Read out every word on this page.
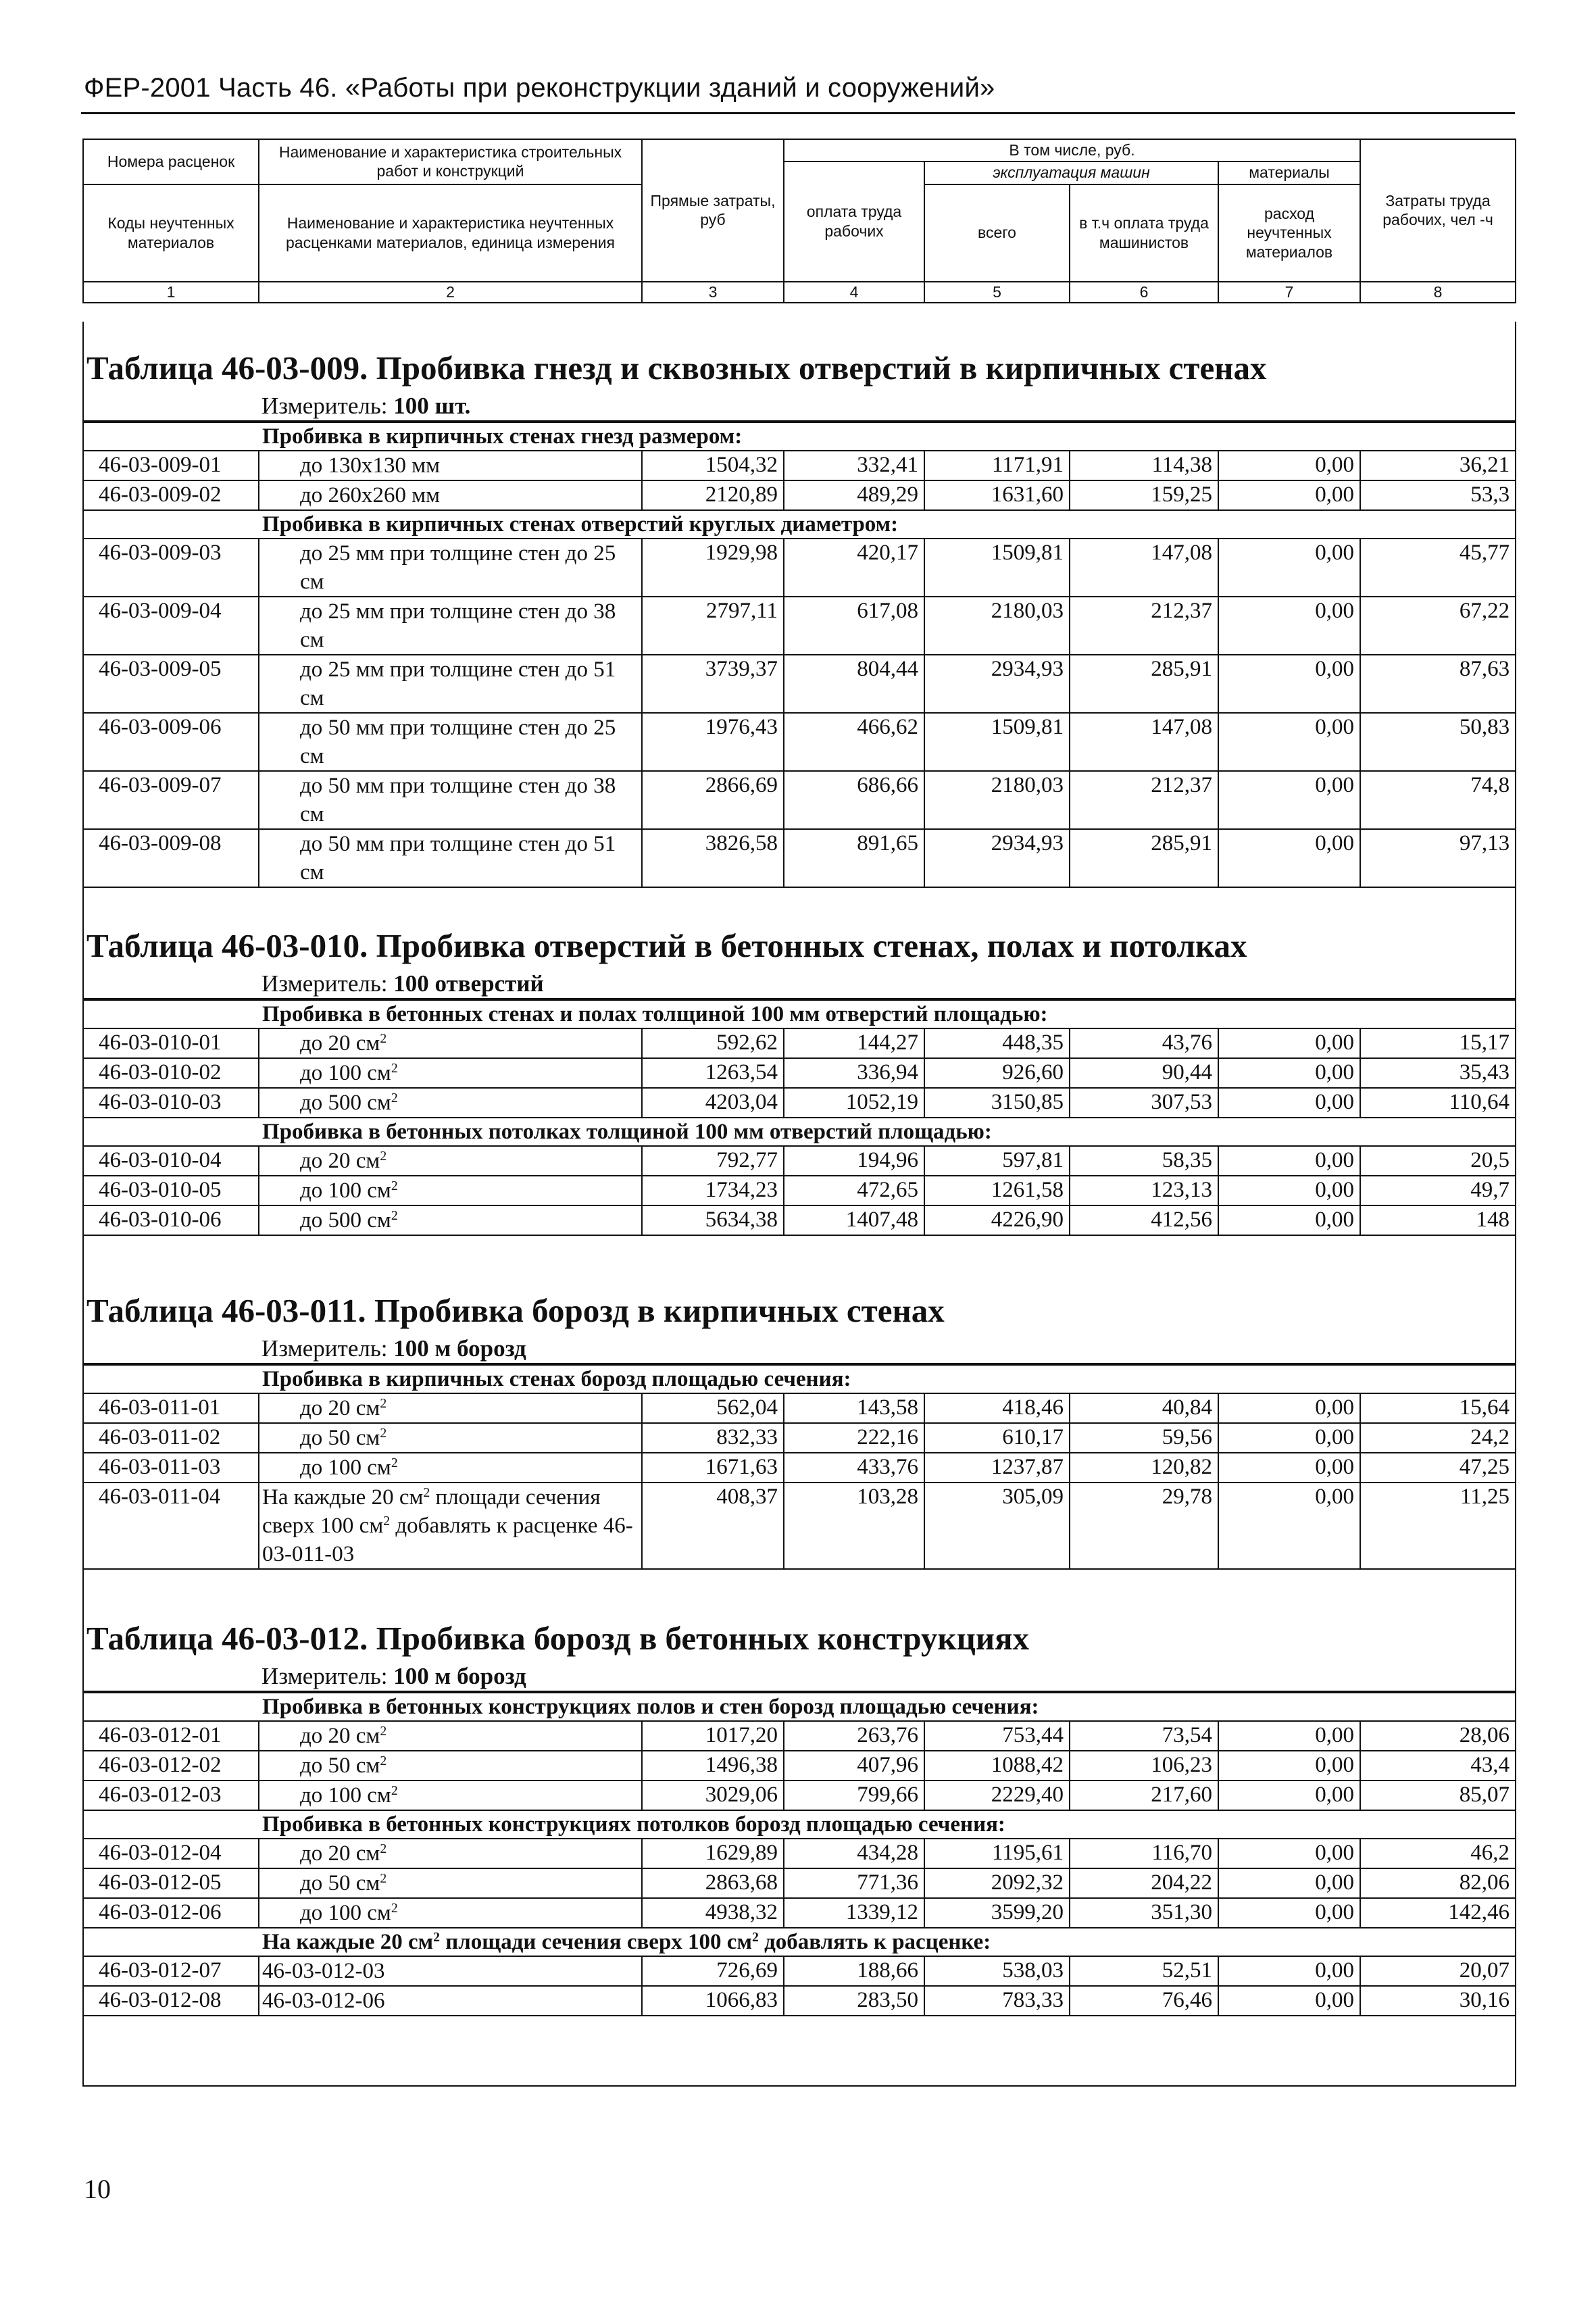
ФЕР-2001 Часть 46. «Работы при реконструкции зданий и сооружений»
Номера расценок	Наименование и характеристика строительных работ и конструкций	Прямые затраты, руб	В том числе, руб.				Затраты труда рабочих, чел -ч
			оплата труда рабочих	эксплуатация машин		материалы	
Коды неучтенных материалов	Наименование и характеристика неучтенных расценками материалов, единица измерения			всего	в т.ч оплата труда машинистов	расход неучтенных материалов	

1	2	3	4	5	6	7	8
Таблица 46-03-009. Пробивка гнезд и сквозных отверстий в кирпичных стенах
Измеритель: 100 шт.
Пробивка в кирпичных стенах гнезд размером:							
46-03-009-01	до 130x130 мм	1504,32	332,41	1171,91	114,38	0,00	36,21
46-03-009-02	до 260x260 мм	2120,89	489,29	1631,60	159,25	0,00	53,3
Пробивка в кирпичных стенах отверстий круглых диаметром:							
46-03-009-03	до 25 мм при толщине стен до 25 см	1929,98	420,17	1509,81	147,08	0,00	45,77
46-03-009-04	до 25 мм при толщине стен до 38 см	2797,11	617,08	2180,03	212,37	0,00	67,22
46-03-009-05	до 25 мм при толщине стен до 51 см	3739,37	804,44	2934,93	285,91	0,00	87,63
46-03-009-06	до 50 мм при толщине стен до 25 см	1976,43	466,62	1509,81	147,08	0,00	50,83
46-03-009-07	до 50 мм при толщине стен до 38 см	2866,69	686,66	2180,03	212,37	0,00	74,8
46-03-009-08	до 50 мм при толщине стен до 51 см	3826,58	891,65	2934,93	285,91	0,00	97,13
Таблица 46-03-010. Пробивка отверстий в бетонных стенах, полах и потолках
Измеритель: 100 отверстий
Пробивка в бетонных стенах и полах толщиной 100 мм отверстий площадью:							
46-03-010-01	до 20 $см^2$	592,62	144,27	448,35	43,76	0,00	15,17
46-03-010-02	до 100 $см^2$	1263,54	336,94	926,60	90,44	0,00	35,43
46-03-010-03	до 500 $см^2$	4203,04	1052,19	3150,85	307,53	0,00	110,64
Пробивка в бетонных потолках толщиной 100 мм отверстий площадью:							
46-03-010-04	до 20 $см^2$	792,77	194,96	597,81	58,35	0,00	20,5
46-03-010-05	до 100 $см^2$	1734,23	472,65	1261,58	123,13	0,00	49,7
46-03-010-06	до 500 $см^2$	5634,38	1407,48	4226,90	412,56	0,00	148
Таблица 46-03-011. Пробивка борозд в кирпичных стенах
Измеритель: 100 м борозд
Пробивка в кирпичных стенах борозд площадью сечения:							
46-03-011-01	до 20 $см^2$	562,04	143,58	418,46	40,84	0,00	15,64
46-03-011-02	до 50 $см^2$	832,33	222,16	610,17	59,56	0,00	24,2
46-03-011-03	до 100 $см^2$	1671,63	433,76	1237,87	120,82	0,00	47,25
46-03-011-04	На каждые 20 $см^2$ площади сечения сверх 100 $см^2$ добавлять к расценке 46-03-011-03	408,37	103,28	305,09	29,78	0,00	11,25
Таблица 46-03-012. Пробивка борозд в бетонных конструкциях
Измеритель: 100 м борозд
Пробивка в бетонных конструкциях полов и стен борозд площадью сечения:							
46-03-012-01	до 20 $см^2$	1017,20	263,76	753,44	73,54	0,00	28,06
46-03-012-02	до 50 $см^2$	1496,38	407,96	1088,42	106,23	0,00	43,4
46-03-012-03	до 100 $см^2$	3029,06	799,66	2229,40	217,60	0,00	85,07
Пробивка в бетонных конструкциях потолков борозд площадью сечения:							
46-03-012-04	до 20 $см^2$	1629,89	434,28	1195,61	116,70	0,00	46,2
46-03-012-05	до 50 $см^2$	2863,68	771,36	2092,32	204,22	0,00	82,06
46-03-012-06	до 100 $см^2$	4938,32	1339,12	3599,20	351,30	0,00	142,46
На каждые 20 $см^2$ площади сечения сверх 100 $см^2$ добавлять к расценке:							
46-03-012-07	46-03-012-03	726,69	188,66	538,03	52,51	0,00	20,07
46-03-012-08	46-03-012-06	1066,83	283,50	783,33	76,46	0,00	30,16
10
